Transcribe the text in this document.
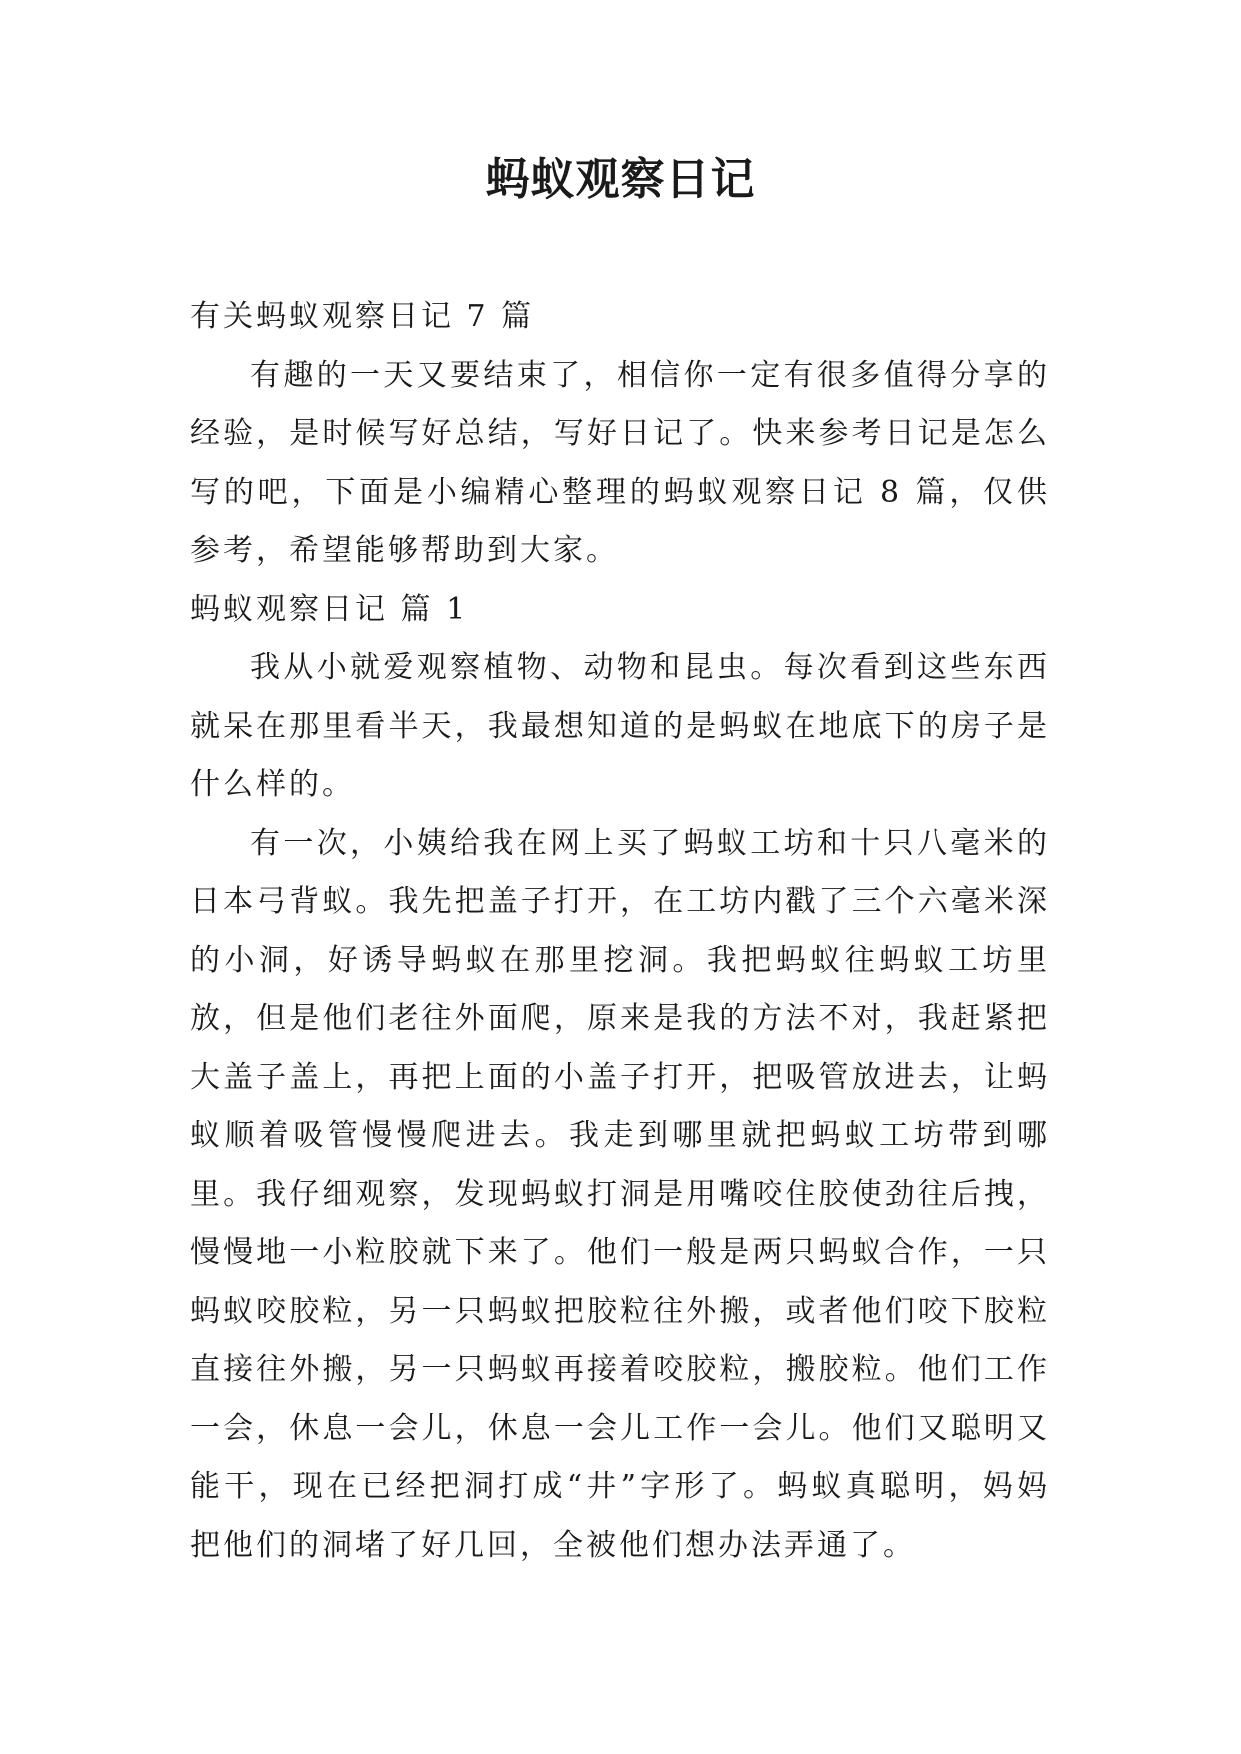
蚂蚁观察日记

有关蚂蚁观察日记 7 篇

有趣的一天又要结束了，相信你一定有很多值得分享的经验，是时候写好总结，写好日记了。快来参考日记是怎么写的吧，下面是小编精心整理的蚂蚁观察日记 8 篇，仅供参考，希望能够帮助到大家。

蚂蚁观察日记 篇 1

我从小就爱观察植物、动物和昆虫。每次看到这些东西就呆在那里看半天，我最想知道的是蚂蚁在地底下的房子是什么样的。

有一次，小姨给我在网上买了蚂蚁工坊和十只八毫米的日本弓背蚁。我先把盖子打开，在工坊内戳了三个六毫米深的小洞，好诱导蚂蚁在那里挖洞。我把蚂蚁往蚂蚁工坊里放，但是他们老往外面爬，原来是我的方法不对，我赶紧把大盖子盖上，再把上面的小盖子打开，把吸管放进去，让蚂蚁顺着吸管慢慢爬进去。我走到哪里就把蚂蚁工坊带到哪里。我仔细观察，发现蚂蚁打洞是用嘴咬住胶使劲往后拽，慢慢地一小粒胶就下来了。他们一般是两只蚂蚁合作，一只蚂蚁咬胶粒，另一只蚂蚁把胶粒往外搬，或者他们咬下胶粒直接往外搬，另一只蚂蚁再接着咬胶粒，搬胶粒。他们工作一会，休息一会儿，休息一会儿工作一会儿。他们又聪明又能干，现在已经把洞打成“井”字形了。蚂蚁真聪明，妈妈把他们的洞堵了好几回，全被他们想办法弄通了。
